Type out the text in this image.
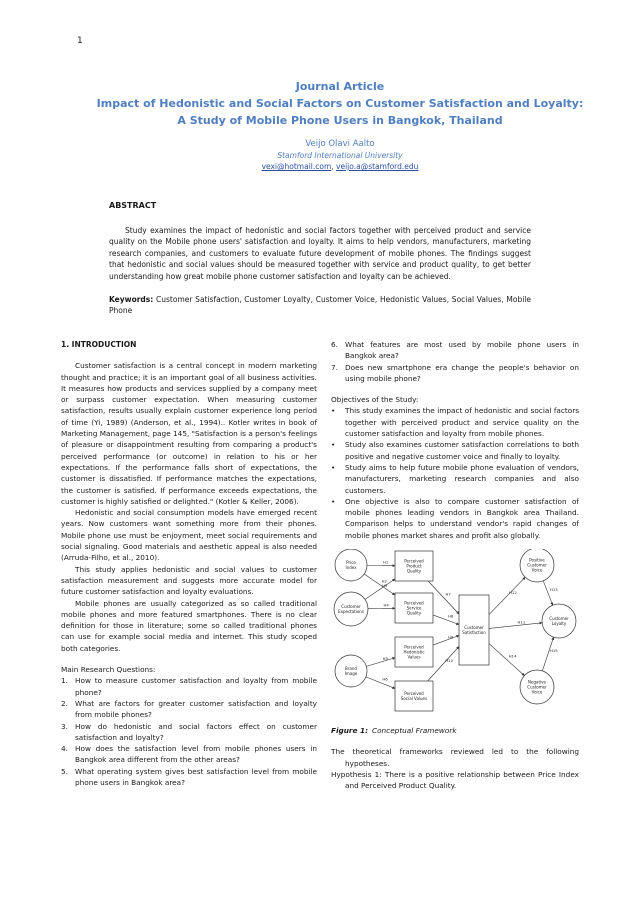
1
Journal Article
Impact of Hedonistic and Social Factors on Customer Satisfaction and Loyalty:
A Study of Mobile Phone Users in Bangkok, Thailand
Veijo Olavi Aalto
Stamford International University
vexi@hotmail.com, veijo.a@stamford.edu
ABSTRACT

Study examines the impact of hedonistic and social factors together with perceived product and service quality on the Mobile phone users' satisfaction and loyalty. It aims to help vendors, manufacturers, marketing research companies, and customers to evaluate future development of mobile phones. The findings suggest that hedonistic and social values should be measured together with service and product quality, to get better understanding how great mobile phone customer satisfaction and loyalty can be achieved.

Keywords: Customer Satisfaction, Customer Loyalty, Customer Voice, Hedonistic Values, Social Values, Mobile Phone

1. INTRODUCTION

Customer satisfaction is a central concept in modern marketing thought and practice; it is an important goal of all business activities. It measures how products and services supplied by a company meet or surpass customer expectation. When measuring customer satisfaction, results usually explain customer experience long period of time (Yi, 1989) (Anderson, et al., 1994).. Kotler writes in book of Marketing Management, page 145, "Satisfaction is a person's feelings of pleasure or disappointment resulting from comparing a product's perceived performance (or outcome) in relation to his or her expectations. If the performance falls short of expectations, the customer is dissatisfied. If performance matches the expectations, the customer is satisfied. If performance exceeds expectations, the customer is highly satisfied or delighted." (Kotler & Keller, 2006).

Hedonistic and social consumption models have emerged recent years. Now customers want something more from their phones. Mobile phone use must be enjoyment, meet social requirements and social signaling. Good materials and aesthetic appeal is also needed (Arruda-Filho, et al., 2010).

This study applies hedonistic and social values to customer satisfaction measurement and suggests more accurate model for future customer satisfaction and loyalty evaluations.

Mobile phones are usually categorized as so called traditional mobile phones and more featured smartphones. There is no clear definition for those in literature; some so called traditional phones can use for example social media and internet. This study scoped both categories.

Main Research Questions:
1. How to measure customer satisfaction and loyalty from mobile phone?
2. What are factors for greater customer satisfaction and loyalty from mobile phones?
3. How do hedonistic and social factors effect on customer satisfaction and loyalty?
4. How does the satisfaction level from mobile phones users in Bangkok area different from the other areas?
5. What operating system gives best satisfaction level from mobile phone users in Bangkok area?
6. What features are most used by mobile phone users in Bangkok area?
7. Does new smartphone era change the people's behavior on using mobile phone?
Objectives of the Study:
• This study examines the impact of hedonistic and social factors together with perceived product and service quality on the customer satisfaction and loyalty from mobile phones.
• Study also examines customer satisfaction correlations to both positive and negative customer voice and finally to loyalty.
• Study aims to help future mobile phone evaluation of vendors, manufacturers, marketing research companies and also customers.
• One objective is also to compare customer satisfaction of mobile phones leading vendors in Bangkok area Thailand. Comparison helps to understand vendor's rapid changes of mobile phones market shares and profit also globally.
H1
H2
H3
H4
H5
H6
H7
H8
H9
H10
H11
H12
H13
H14
H15
Price
Index
Customer
Expectations
Brand
Image
Perceived
Product
Quality
Perceived
Service
Quality
Perceived
Hedonistic
Values
Perceived
Social Values
Customer
Satisfaction
Positive
Customer
Voice
Customer
Loyalty
Negative
Customer
Voice
Figure 1: Conceptual Framework

The theoretical frameworks reviewed led to the following hypotheses.

Hypothesis 1: There is a positive relationship between Price Index and Perceived Product Quality.
